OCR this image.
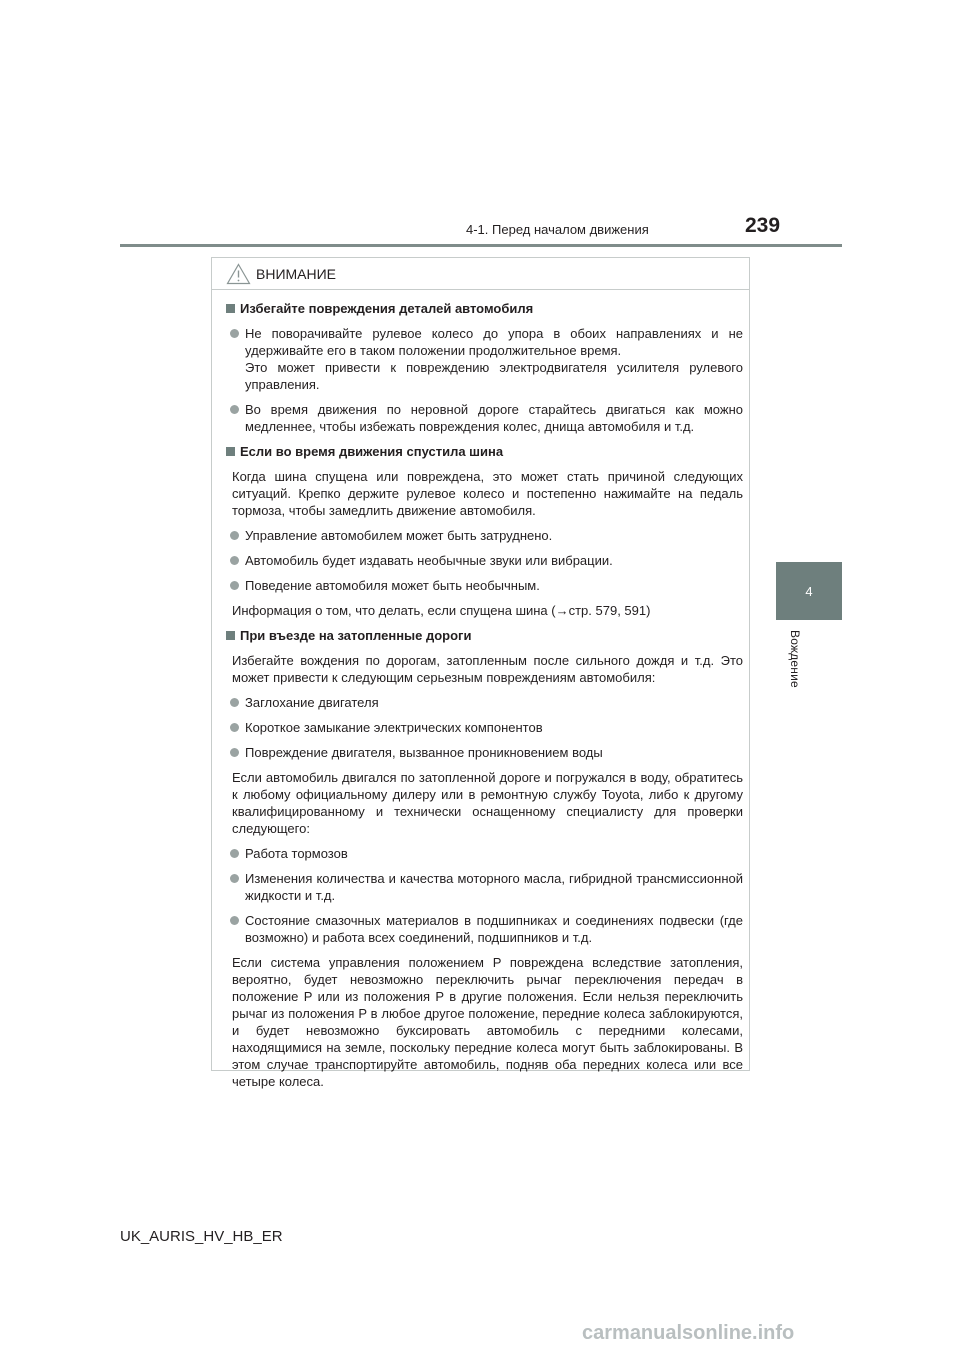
4-1. Перед началом движения	239
4
Вождение
ВНИМАНИЕ
Избегайте повреждения деталей автомобиля
Не поворачивайте рулевое колесо до упора в обоих направлениях и не удерживайте его в таком положении продолжительное время.
Это может привести к повреждению электродвигателя усилителя рулевого управления.
Во время движения по неровной дороге старайтесь двигаться как можно медленнее, чтобы избежать повреждения колес, днища автомобиля и т.д.
Если во время движения спустила шина
Когда шина спущена или повреждена, это может стать причиной следующих ситуаций. Крепко держите рулевое колесо и постепенно нажимайте на педаль тормоза, чтобы замедлить движение автомобиля.
Управление автомобилем может быть затруднено.
Автомобиль будет издавать необычные звуки или вибрации.
Поведение автомобиля может быть необычным.
Информация о том, что делать, если спущена шина (→стр. 579, 591)
При въезде на затопленные дороги
Избегайте вождения по дорогам, затопленным после сильного дождя и т.д. Это может привести к следующим серьезным повреждениям автомобиля:
Заглохание двигателя
Короткое замыкание электрических компонентов
Повреждение двигателя, вызванное проникновением воды
Если автомобиль двигался по затопленной дороге и погружался в воду, обратитесь к любому официальному дилеру или в ремонтную службу Toyota, либо к другому квалифицированному и технически оснащенному специалисту для проверки следующего:
Работа тормозов
Изменения количества и качества моторного масла, гибридной трансмиссионной жидкости и т.д.
Состояние смазочных материалов в подшипниках и соединениях подвески (где возможно) и работа всех соединений, подшипников и т.д.
Если система управления положением P повреждена вследствие затопления, вероятно, будет невозможно переключить рычаг переключения передач в положение P или из положения P в другие положения. Если нельзя переключить рычаг из положения P в любое другое положение, передние колеса заблокируются, и будет невозможно буксировать автомобиль с передними колесами, находящимися на земле, поскольку передние колеса могут быть заблокированы. В этом случае транспортируйте автомобиль, подняв оба передних колеса или все четыре колеса.
UK_AURIS_HV_HB_ER
carmanualsonline.info
